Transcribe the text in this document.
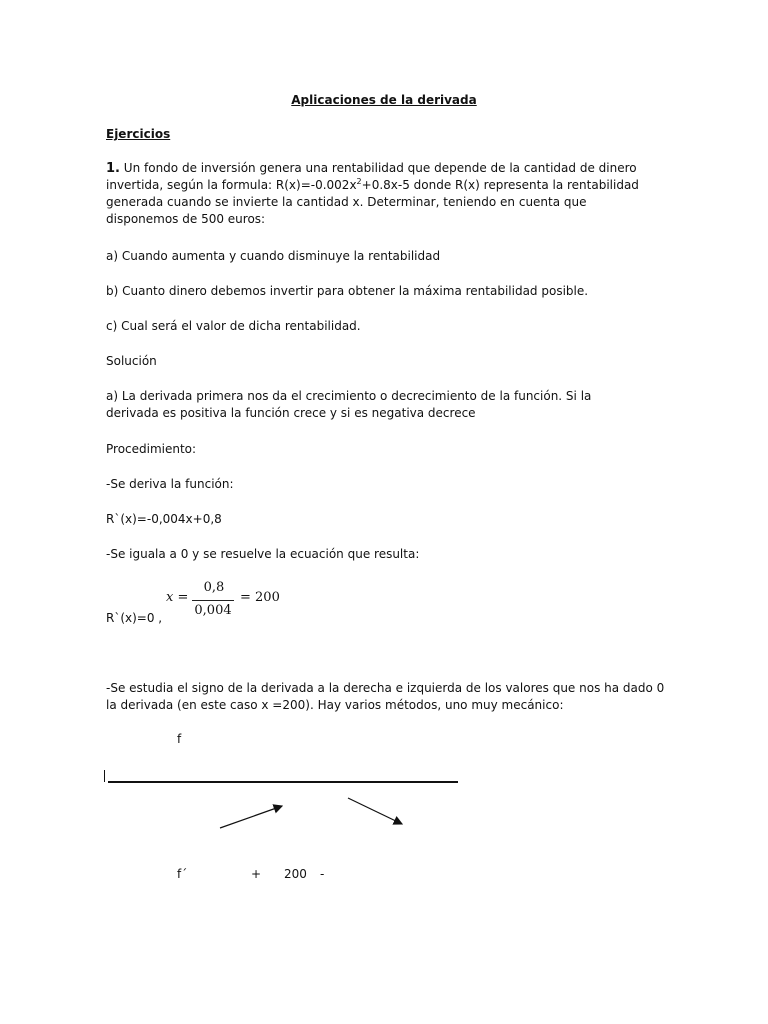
Aplicaciones de la derivada
Ejercicios
1. Un fondo de inversión genera una rentabilidad que depende de la cantidad de dinero invertida, según la formula: $R(x)=-0.002x^2+0.8x-5$ donde R(x) representa la rentabilidad generada cuando se invierte la cantidad x. Determinar, teniendo en cuenta que disponemos de 500 euros:
a) Cuando aumenta y cuando disminuye la rentabilidad
b) Cuanto dinero debemos invertir para obtener la máxima rentabilidad posible.
c) Cual será el valor de dicha rentabilidad.
Solución
a) La derivada primera nos da el crecimiento o decrecimiento de la función. Si la derivada es positiva la función crece y si es negativa decrece
Procedimiento:
-Se deriva la función:
R`(x)=-0,004x+0,8
-Se iguala a 0 y se resuelve la ecuación que resulta:
R`(x)=0 ,
x =
0,8
0,004
= 200
-Se estudia el signo de la derivada a la derecha e izquierda de los valores que nos ha dado 0 la derivada (en este caso x =200). Hay varios métodos, uno muy mecánico:
f
f´	+ 200 -
